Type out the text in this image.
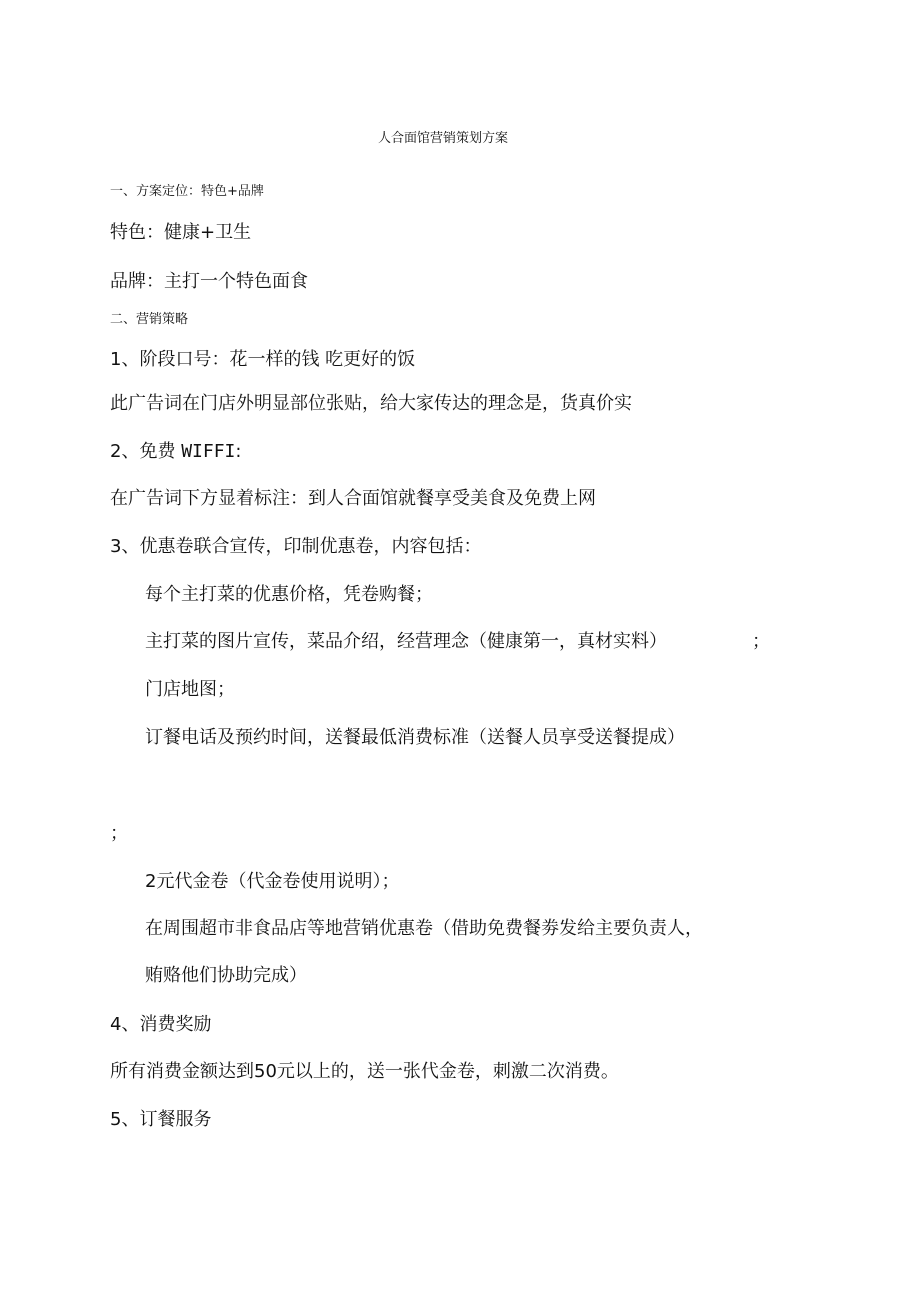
人合面馆营销策划方案
一、方案定位：特色+品牌
特色：健康+卫生
品牌：主打一个特色面食
二、营销策略
1、阶段口号：花一样的钱 吃更好的饭
此广告词在门店外明显部位张贴，给大家传达的理念是，货真价实
2、免费 WIFFI:
在广告词下方显着标注：到人合面馆就餐享受美食及免费上网
3、优惠卷联合宣传，印制优惠卷，内容包括：
每个主打菜的优惠价格，凭卷购餐；
主打菜的图片宣传，菜品介绍，经营理念（健康第一，真材实料）	；
门店地图；
订餐电话及预约时间，送餐最低消费标准（送餐人员享受送餐提成）
；
2元代金卷（代金卷使用说明）；
在周围超市非食品店等地营销优惠卷（借助免费餐劵发给主要负责人，
贿赂他们协助完成）
4、消费奖励
所有消费金额达到50元以上的，送一张代金卷，刺激二次消费。
5、订餐服务
